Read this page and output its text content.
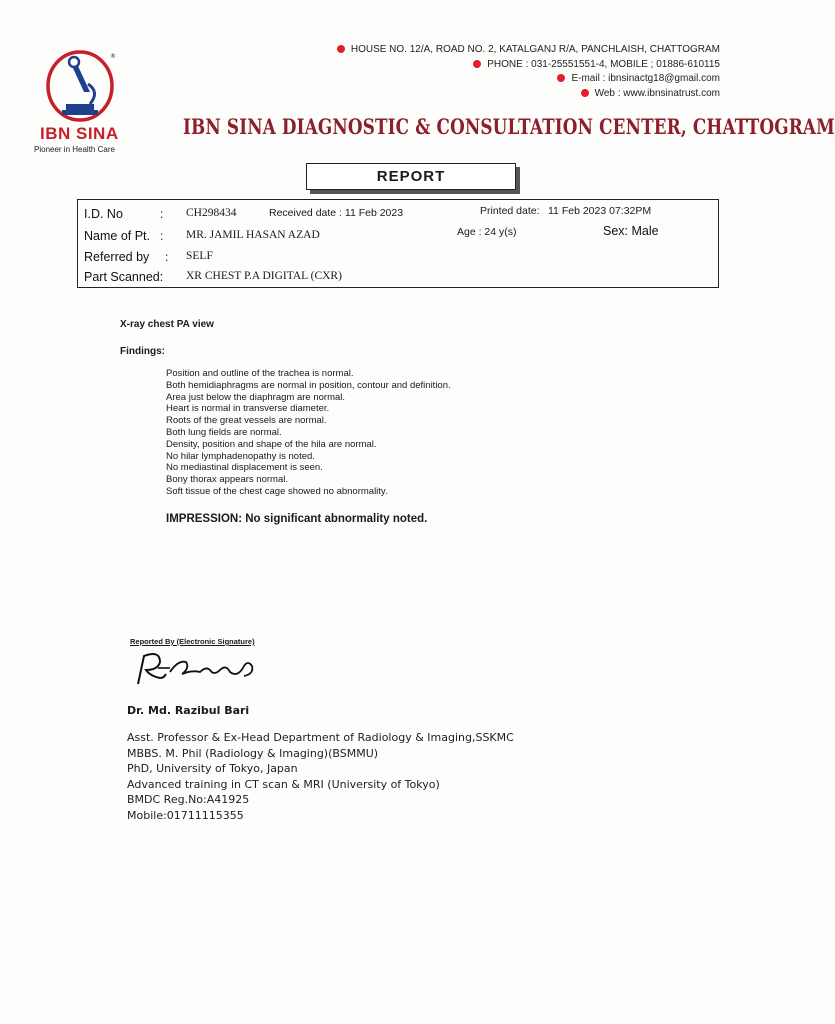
®
IBN SINA
Pioneer in Health Care
HOUSE NO. 12/A, ROAD NO. 2, KATALGANJ R/A, PANCHLAISH, CHATTOGRAM
PHONE : 031-25551551-4, MOBILE ; 01886-610115
E-mail : ibnsinactg18@gmail.com
Web : www.ibnsinatrust.com
IBN SINA DIAGNOSTIC & CONSULTATION CENTER, CHATTOGRAM
REPORT
I.D. No	: CH298434	Received date : 11 Feb 2023	Printed date: 11 Feb 2023 07:32PM
Name of Pt. : MR. JAMIL HASAN AZAD	Age : 24 y(s)	Sex: Male
Referred by : SELF
Part Scanned: XR CHEST P.A DIGITAL (CXR)
X-ray chest PA view
Findings:
Position and outline of the trachea is normal.
Both hemidiaphragms are normal in position, contour and definition.
Area just below the diaphragm are normal.
Heart is normal in transverse diameter.
Roots of the great vessels are normal.
Both lung fields are normal.
Density, position and shape of the hila are normal.
No hilar lymphadenopathy is noted.
No mediastinal displacement is seen.
Bony thorax appears normal.
Soft tissue of the chest cage showed no abnormality.
IMPRESSION: No significant abnormality noted.
Reported By (Electronic Signature)
Dr. Md. Razibul Bari
Asst. Professor & Ex-Head Department of Radiology & Imaging,SSKMC
MBBS. M. Phil (Radiology & Imaging)(BSMMU)
PhD, University of Tokyo, Japan
Advanced training in CT scan & MRI (University of Tokyo)
BMDC Reg.No:A41925
Mobile:01711115355
